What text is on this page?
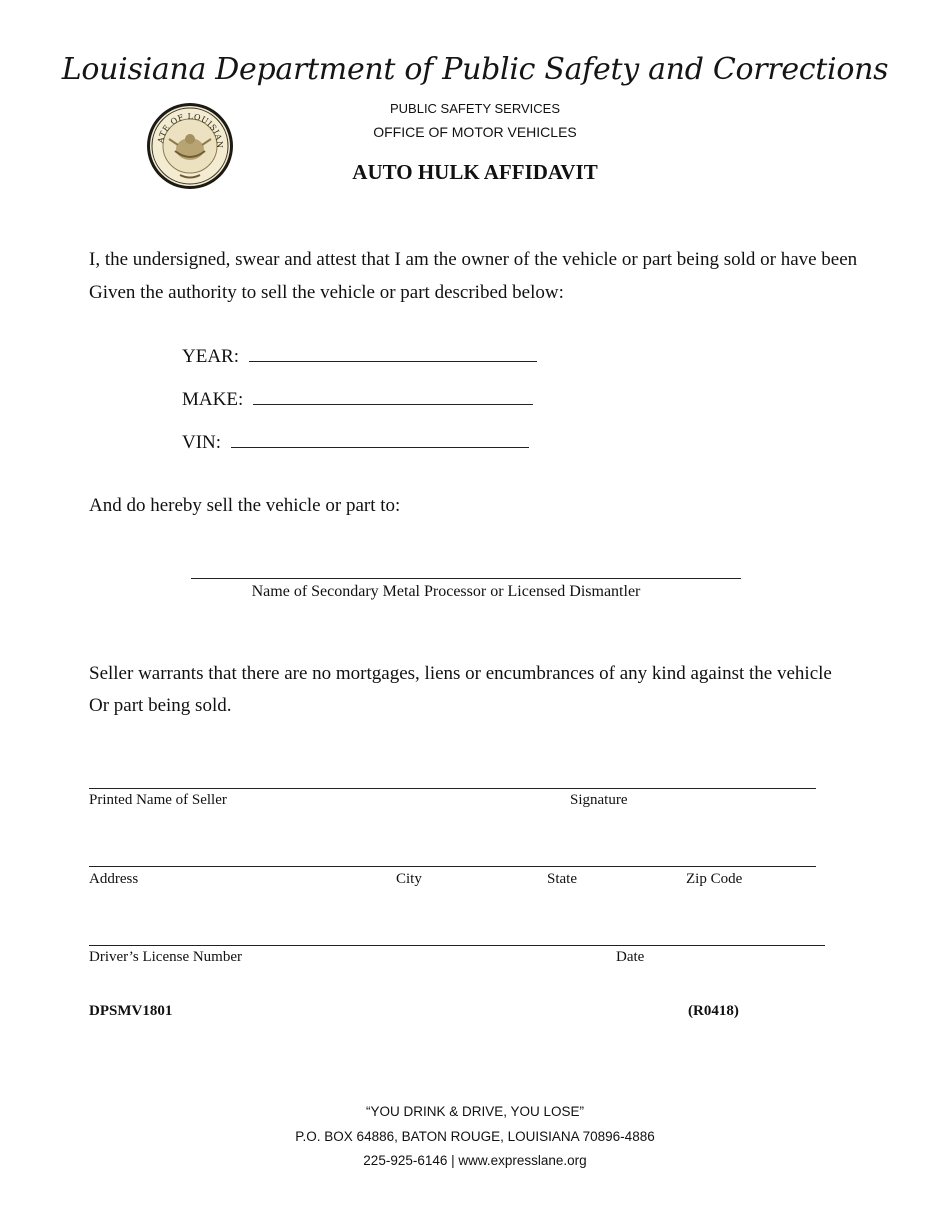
Louisiana Department of Public Safety and Corrections
ATE OF LOUISIAN
PUBLIC SAFETY SERVICES
OFFICE OF MOTOR VEHICLES
AUTO HULK AFFIDAVIT
I, the undersigned, swear and attest that I am the owner of the vehicle or part being sold or have been
Given the authority to sell the vehicle or part described below:
YEAR:
MAKE:
VIN:
And do hereby sell the vehicle or part to:
Name of Secondary Metal Processor or Licensed Dismantler
Seller warrants that there are no mortgages, liens or encumbrances of any kind against the vehicle
Or part being sold.
Printed Name of Seller	Signature
Address	City	State	Zip Code
Driver’s License Number	Date
DPSMV1801	(R0418)
“YOU DRINK & DRIVE, YOU LOSE”
P.O. BOX 64886, BATON ROUGE, LOUISIANA 70896-4886
225-925-6146 | www.expresslane.org
